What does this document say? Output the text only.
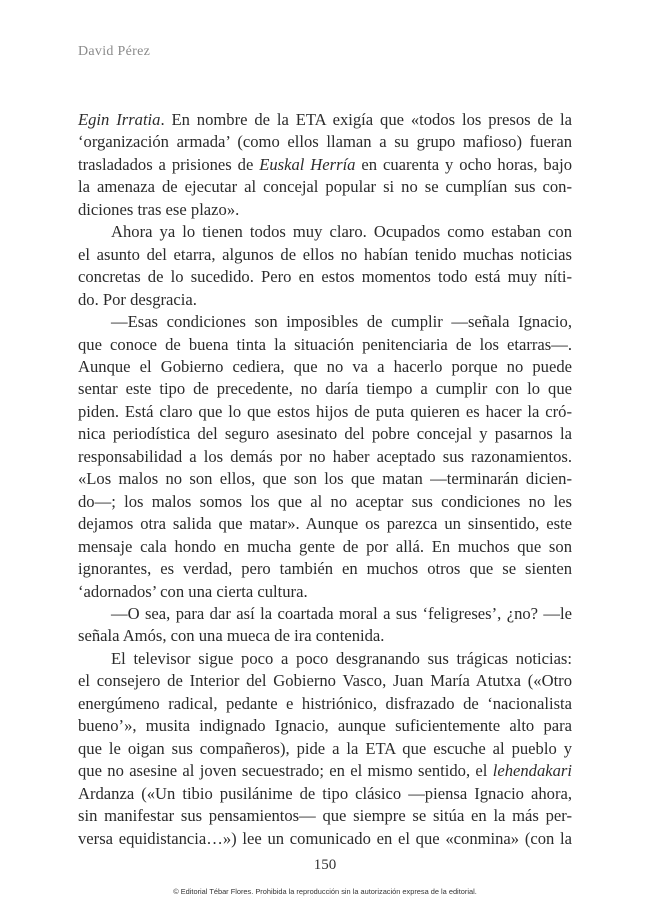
David Pérez
Egin Irratia. En nombre de la ETA exigía que «todos los presos de la
‘organización armada’ (como ellos llaman a su grupo mafioso) fueran
trasladados a prisiones de Euskal Herría en cuarenta y ocho horas, bajo
la amenaza de ejecutar al concejal popular si no se cumplían sus con-
diciones tras ese plazo».
Ahora ya lo tienen todos muy claro. Ocupados como estaban con
el asunto del etarra, algunos de ellos no habían tenido muchas noticias
concretas de lo sucedido. Pero en estos momentos todo está muy níti-
do. Por desgracia.
—Esas condiciones son imposibles de cumplir —señala Ignacio,
que conoce de buena tinta la situación penitenciaria de los etarras—.
Aunque el Gobierno cediera, que no va a hacerlo porque no puede
sentar este tipo de precedente, no daría tiempo a cumplir con lo que
piden. Está claro que lo que estos hijos de puta quieren es hacer la cró-
nica periodística del seguro asesinato del pobre concejal y pasarnos la
responsabilidad a los demás por no haber aceptado sus razonamientos.
«Los malos no son ellos, que son los que matan —terminarán dicien-
do—; los malos somos los que al no aceptar sus condiciones no les
dejamos otra salida que matar». Aunque os parezca un sinsentido, este
mensaje cala hondo en mucha gente de por allá. En muchos que son
ignorantes, es verdad, pero también en muchos otros que se sienten
‘adornados’ con una cierta cultura.
—O sea, para dar así la coartada moral a sus ‘feligreses’, ¿no? —le
señala Amós, con una mueca de ira contenida.
El televisor sigue poco a poco desgranando sus trágicas noticias:
el consejero de Interior del Gobierno Vasco, Juan María Atutxa («Otro
energúmeno radical, pedante e histriónico, disfrazado de ‘nacionalista
bueno’», musita indignado Ignacio, aunque suficientemente alto para
que le oigan sus compañeros), pide a la ETA que escuche al pueblo y
que no asesine al joven secuestrado; en el mismo sentido, el lehendakari
Ardanza («Un tibio pusilánime de tipo clásico —piensa Ignacio ahora,
sin manifestar sus pensamientos— que siempre se sitúa en la más per-
versa equidistancia…») lee un comunicado en el que «conmina» (con la
150
© Editorial Tébar Flores. Prohibida la reproducción sin la autorización expresa de la editorial.
